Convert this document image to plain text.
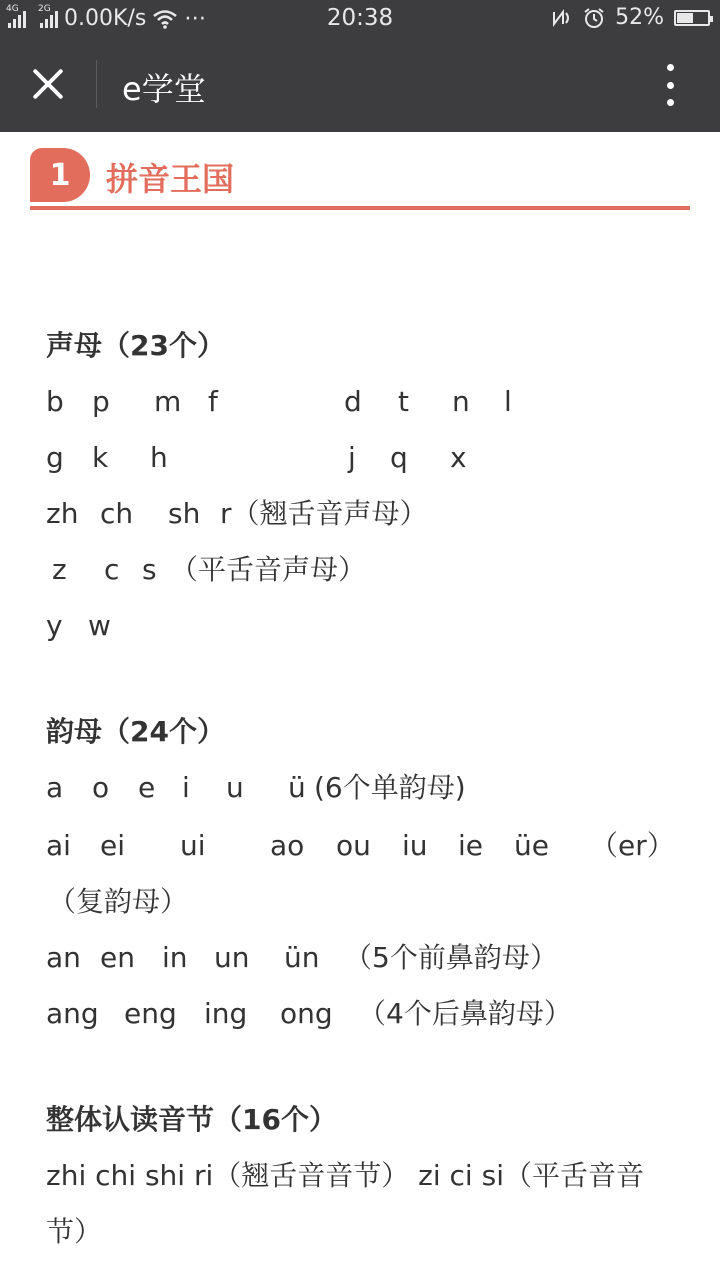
4G 2G 0.00K/s ⋯	20:38	52%
e学堂
1	拼音王国
声母（23个）
b p m f	d t n l
g k h	j q x
zh ch sh r（翘舌音声母）
z c s （平舌音声母）
y w
韵母（24个）
a o e i u ü (6个单韵母)
ai ei ui ao ou iu ie üe （er）
（复韵母）
an en in un ün （5个前鼻韵母）
ang eng ing ong （4个后鼻韵母）
整体认读音节（16个）
zhi chi shi ri（翘舌音音节） zi ci si（平舌音音
节）
